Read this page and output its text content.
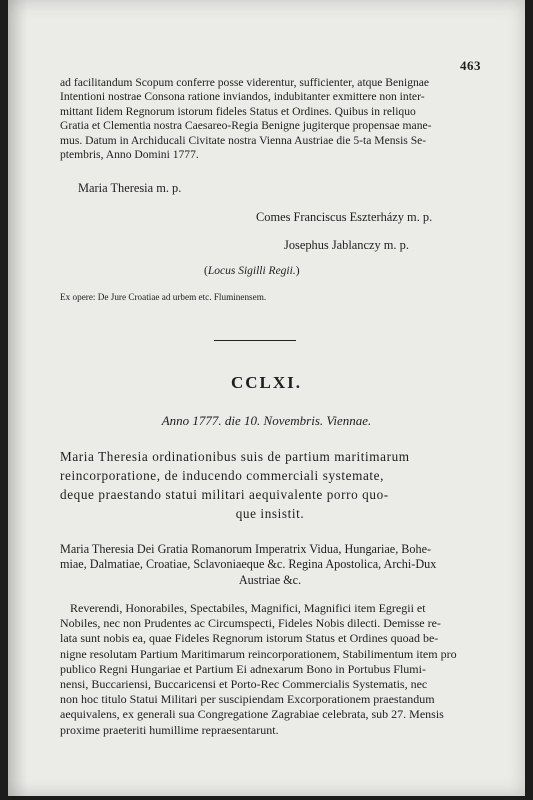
463
ad facilitandum Scopum conferre posse viderentur, sufficienter, atque Benignae
Intentioni nostrae Consona ratione inviandos, indubitanter exmittere non inter-
mittant Iidem Regnorum istorum fideles Status et Ordines. Quibus in reliquo
Gratia et Clementia nostra Caesareo-Regia Benigne jugiterque propensae mane-
mus. Datum in Archiducali Civitate nostra Vienna Austriae die 5-ta Mensis Se-
ptembris, Anno Domini 1777.
Maria Theresia m. p.
Comes Franciscus Eszterházy m. p.
Josephus Jablanczy m. p.
(Locus Sigilli Regii.)
Ex opere: De Jure Croatiae ad urbem etc. Fluminensem.
CCLXI.
Anno 1777. die 10. Novembris. Viennae.
Maria Theresia ordinationibus suis de partium maritimarum
reincorporatione, de inducendo commerciali systemate,
deque praestando statui militari aequivalente porro quo-
que insistit.
Maria Theresia Dei Gratia Romanorum Imperatrix Vidua, Hungariae, Bohe-
miae, Dalmatiae, Croatiae, Sclavoniaeque &c. Regina Apostolica, Archi-Dux
Austriae &c.
Reverendi, Honorabiles, Spectabiles, Magnifici, Magnifici item Egregii et
Nobiles, nec non Prudentes ac Circumspecti, Fideles Nobis dilecti. Demisse re-
lata sunt nobis ea, quae Fideles Regnorum istorum Status et Ordines quoad be-
nigne resolutam Partium Maritimarum reincorporationem, Stabilimentum item pro
publico Regni Hungariae et Partium Ei adnexarum Bono in Portubus Flumi-
nensi, Buccariensi, Buccaricensi et Porto-Rec Commercialis Systematis, nec
non hoc titulo Statui Militari per suscipiendam Excorporationem praestandum
aequivalens, ex generali sua Congregatione Zagrabiae celebrata, sub 27. Mensis
proxime praeteriti humillime repraesentarunt.
